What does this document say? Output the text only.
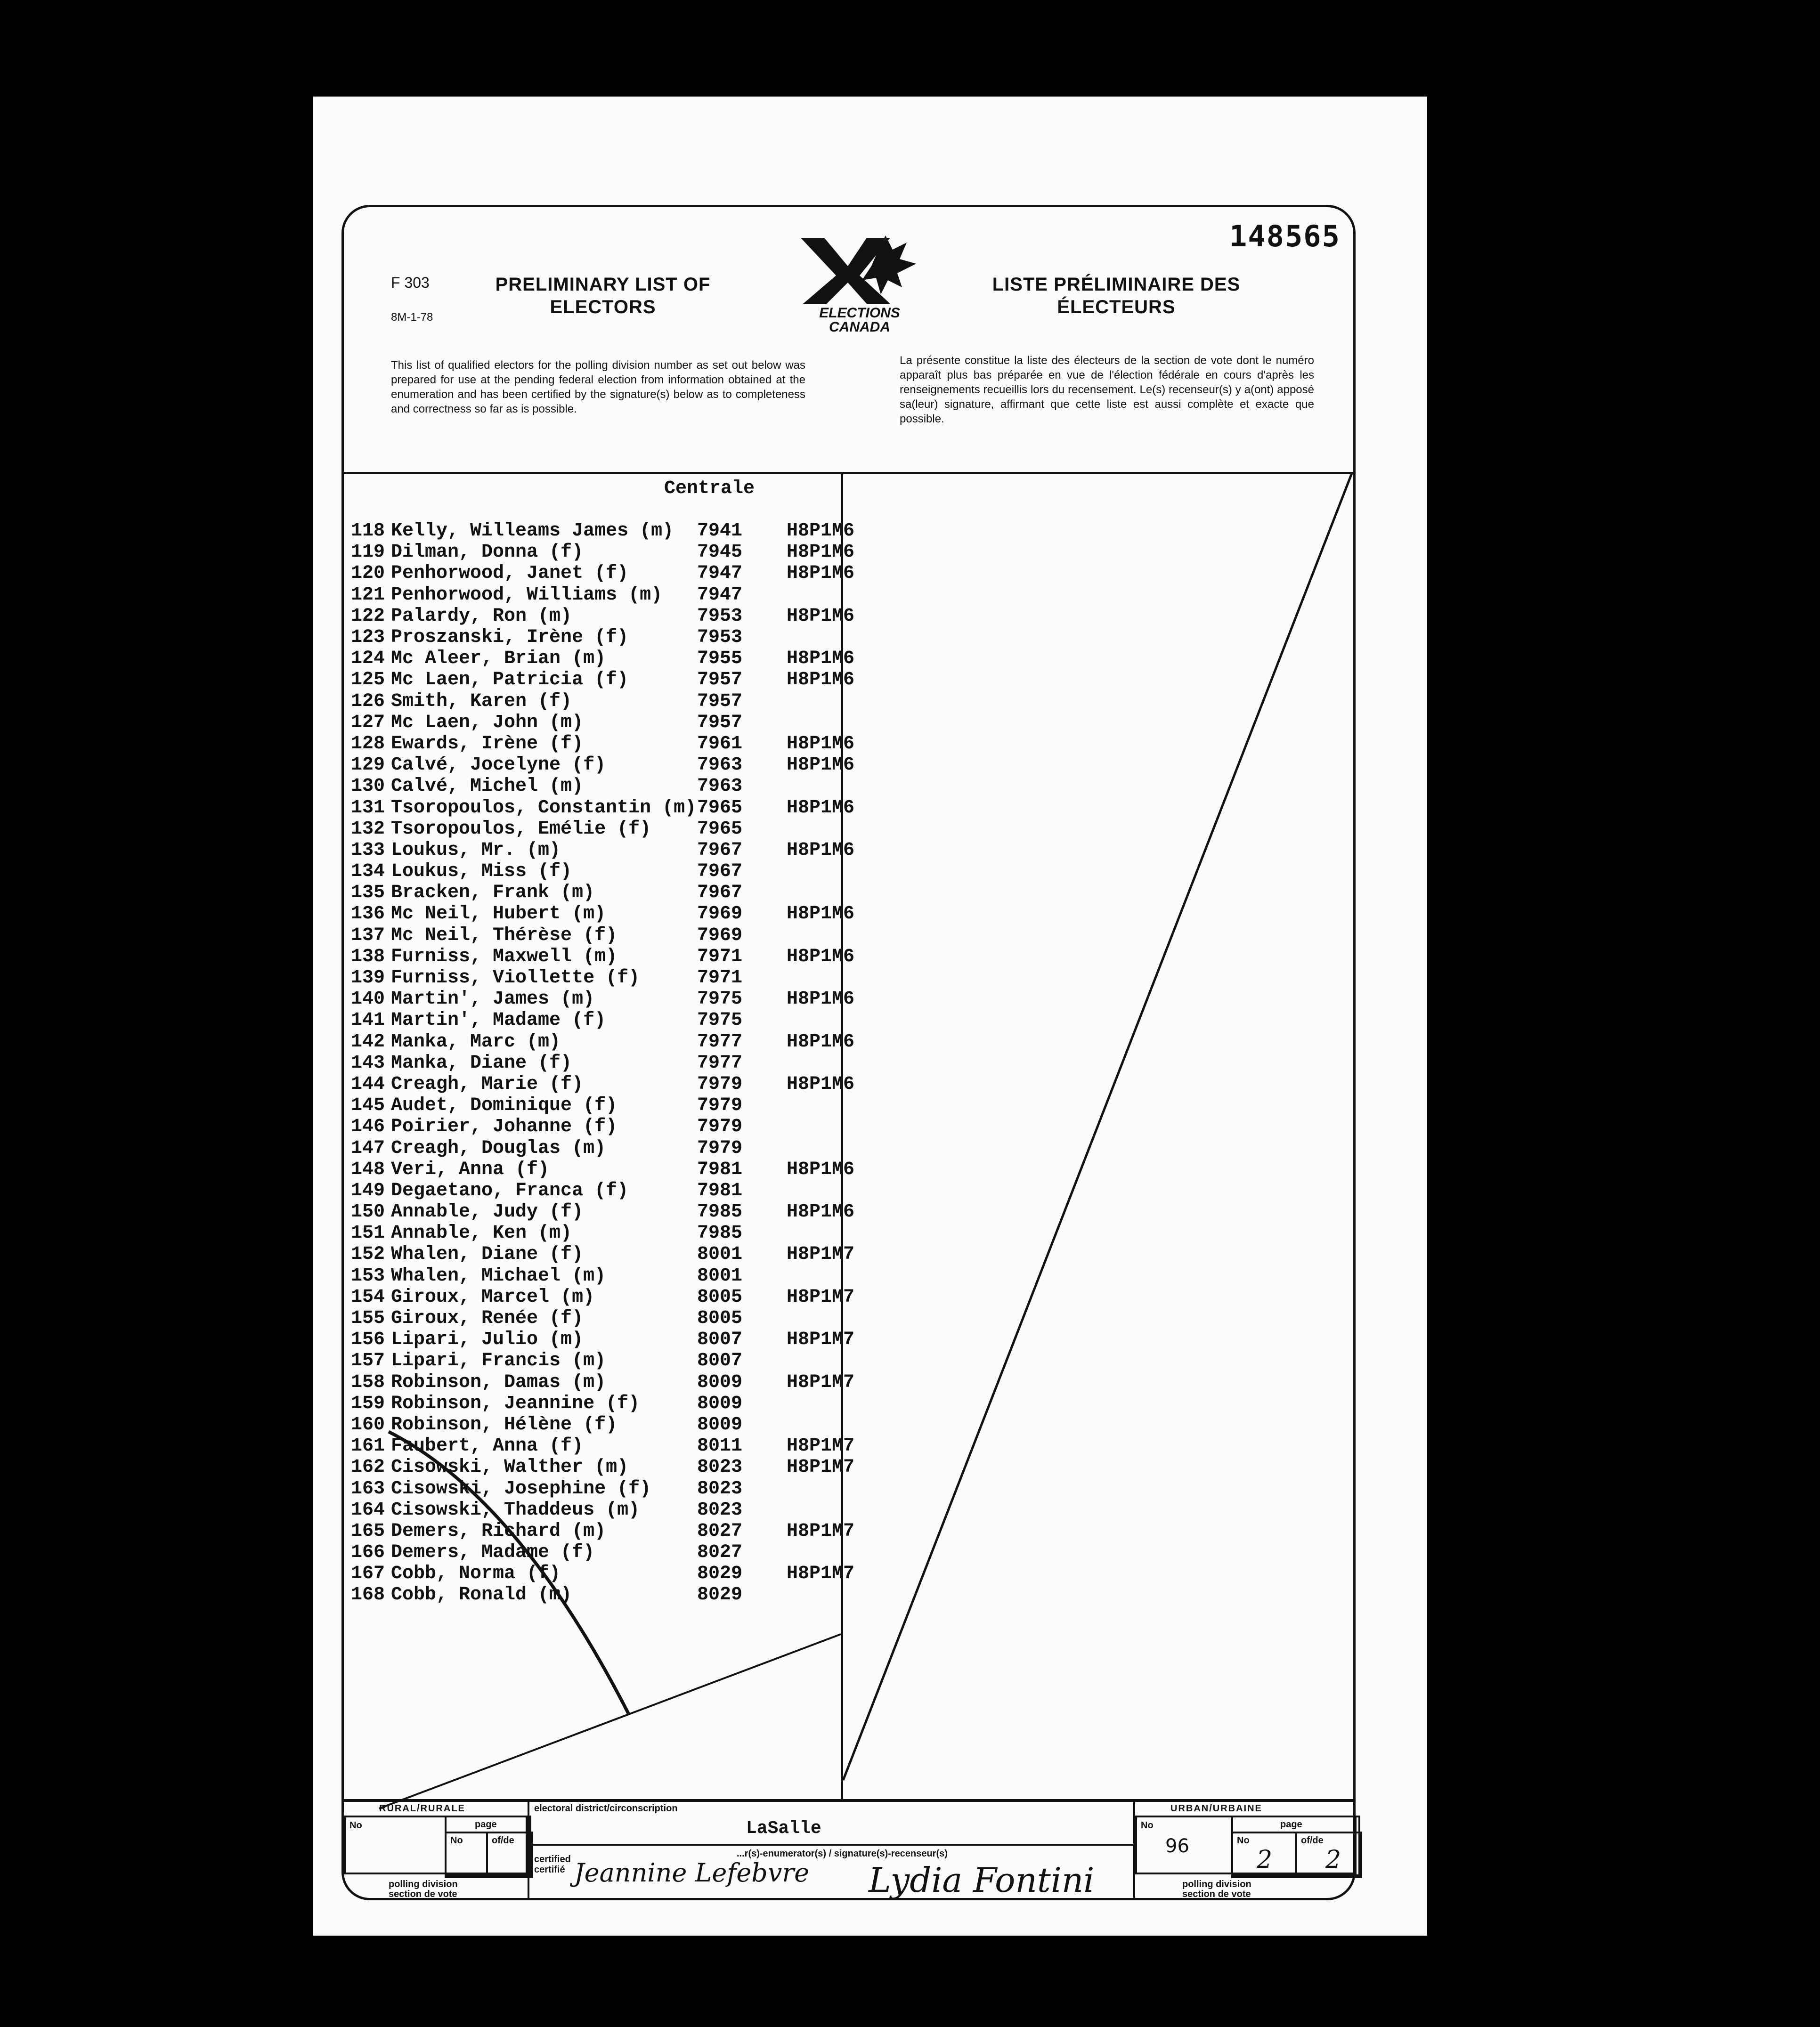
F 303
8M-1-78
PRELIMINARY LIST OF
ELECTORS	ELECTIONS
CANADA
LISTE PRÉLIMINAIRE DES
ÉLECTEURS
148565
This list of qualified electors for the polling division number as set out below was prepared for use at the pending federal election from information obtained at the enumeration and has been certified by the signature(s) below as to completeness and correctness so far as is possible.
La présente constitue la liste des électeurs de la section de vote dont le numéro apparaît plus bas préparée en vue de l'élection fédérale en cours d'après les renseignements recueillis lors du recensement. Le(s) recenseur(s) y a(ont) apposé sa(leur) signature, affirmant que cette liste est aussi complète et exacte que possible.
Centrale
118	Kelly, Willeams James (m)	7941	H8P1M6
119	Dilman, Donna (f)	7945	H8P1M6
120	Penhorwood, Janet (f)	7947	H8P1M6
121	Penhorwood, Williams (m)	7947	
122	Palardy, Ron (m)	7953	H8P1M6
123	Proszanski, Irène (f)	7953	
124	Mc Aleer, Brian (m)	7955	H8P1M6
125	Mc Laen, Patricia (f)	7957	H8P1M6
126	Smith, Karen (f)	7957	
127	Mc Laen, John (m)	7957	
128	Ewards, Irène (f)	7961	H8P1M6
129	Calvé, Jocelyne (f)	7963	H8P1M6
130	Calvé, Michel (m)	7963	
131	Tsoropoulos, Constantin (m)	7965	H8P1M6
132	Tsoropoulos, Emélie (f)	7965	
133	Loukus, Mr. (m)	7967	H8P1M6
134	Loukus, Miss (f)	7967	
135	Bracken, Frank (m)	7967	
136	Mc Neil, Hubert (m)	7969	H8P1M6
137	Mc Neil, Thérèse (f)	7969	
138	Furniss, Maxwell (m)	7971	H8P1M6
139	Furniss, Viollette (f)	7971	
140	Martin', James (m)	7975	H8P1M6
141	Martin', Madame (f)	7975	
142	Manka, Marc (m)	7977	H8P1M6
143	Manka, Diane (f)	7977	
144	Creagh, Marie (f)	7979	H8P1M6
145	Audet, Dominique (f)	7979	
146	Poirier, Johanne (f)	7979	
147	Creagh, Douglas (m)	7979	
148	Veri, Anna (f)	7981	H8P1M6
149	Degaetano, Franca (f)	7981	
150	Annable, Judy (f)	7985	H8P1M6
151	Annable, Ken (m)	7985	
152	Whalen, Diane (f)	8001	H8P1M7
153	Whalen, Michael (m)	8001	
154	Giroux, Marcel (m)	8005	H8P1M7
155	Giroux, Renée (f)	8005	
156	Lipari, Julio (m)	8007	H8P1M7
157	Lipari, Francis (m)	8007	
158	Robinson, Damas (m)	8009	H8P1M7
159	Robinson, Jeannine (f)	8009	
160	Robinson, Hélène (f)	8009	
161	Faubert, Anna (f)	8011	H8P1M7
162	Cisowski, Walther (m)	8023	H8P1M7
163	Cisowski, Josephine (f)	8023	
164	Cisowski, Thaddeus (m)	8023	
165	Demers, Richard (m)	8027	H8P1M7
166	Demers, Madame (f)	8027	
167	Cobb, Norma (f)	8029	H8P1M7
168	Cobb, Ronald (m)	8029	
RURAL/RURALE
No	page
No	of/de
polling division
section de vote
electoral district/circonscription
LaSalle
certified
certifié
...r(s)-enumerator(s) / signature(s)-recenseur(s)
Jeannine Lefebvre Lydia Fontini
URBAN/URBAINE
No
96
page
No
2
of/de
2
polling division
section de vote
